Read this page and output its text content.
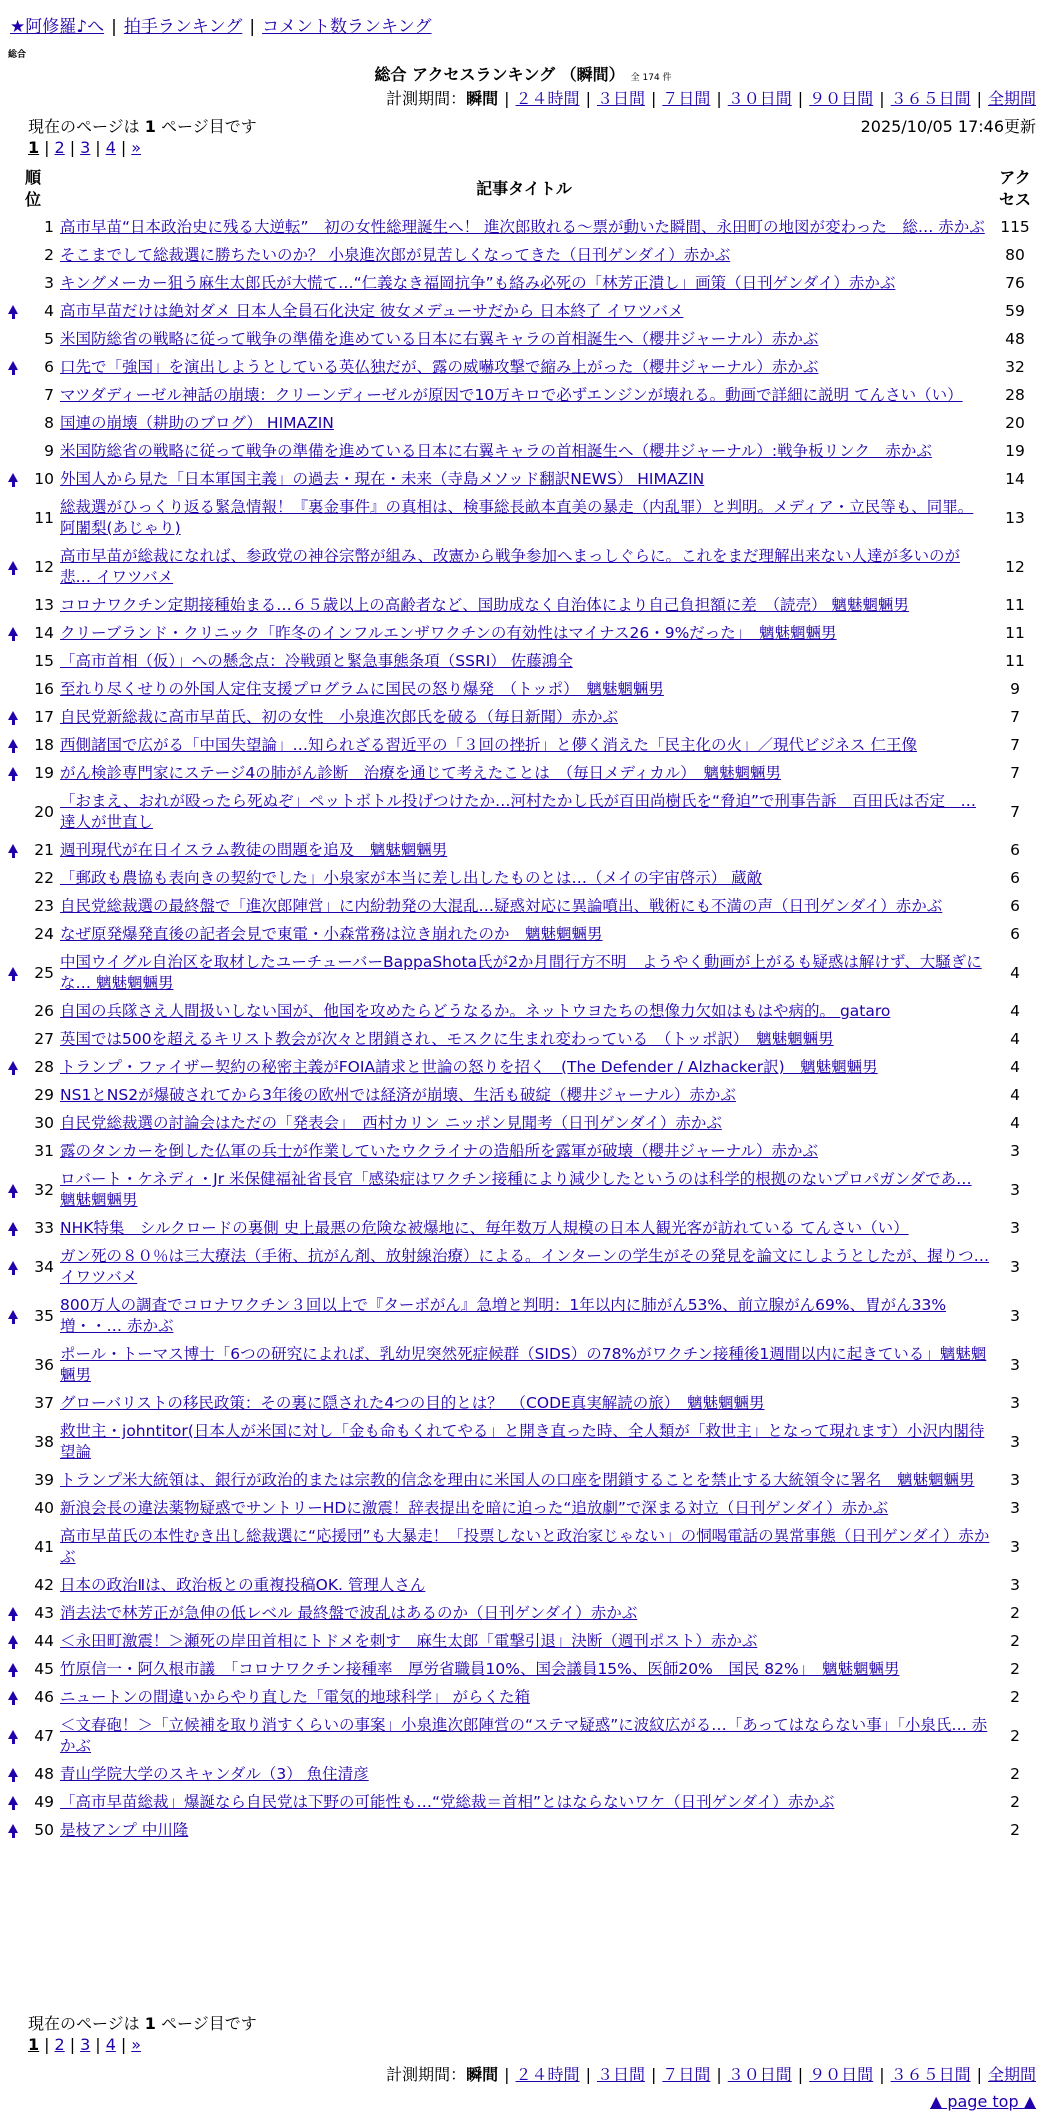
★阿修羅♪へ | 拍手ランキング | コメント数ランキング
総合
総合 アクセスランキング （瞬間） 全 174 件
計測期間：瞬間 | ２４時間 | ３日間 | ７日間 | ３０日間 | ９０日間 | ３６５日間 | 全期間
現在のページは 1 ページ目です	2025/10/05 17:46更新
1 | 2 | 3 | 4 | »
順
位		記事タイトル	アク
セス
	1	高市早苗“日本政治史に残る大逆転”　初の女性総理誕生へ！ 進次郎敗れる～票が動いた瞬間、永田町の地図が変わった　総… 赤かぶ	115
	2	そこまでして総裁選に勝ちたいのか？ 小泉進次郎が見苦しくなってきた（日刊ゲンダイ）赤かぶ	80
	3	キングメーカー狙う麻生太郎氏が大慌て…“仁義なき福岡抗争”も絡み必死の「林芳正潰し」画策（日刊ゲンダイ）赤かぶ	76
	4	高市早苗だけは絶対ダメ 日本人全員石化決定 彼女メデューサだから 日本終了 イワツバメ	59
	5	米国防総省の戦略に従って戦争の準備を進めている日本に右翼キャラの首相誕生へ（櫻井ジャーナル）赤かぶ	48
	6	口先で「強国」を演出しようとしている英仏独だが、露の威嚇攻撃で縮み上がった（櫻井ジャーナル）赤かぶ	32
	7	マツダディーゼル神話の崩壊：クリーンディーゼルが原因で10万キロで必ずエンジンが壊れる。動画で詳細に説明 てんさい（い）	28
	8	国連の崩壊（耕助のブログ） HIMAZIN	20
	9	米国防総省の戦略に従って戦争の準備を進めている日本に右翼キャラの首相誕生へ（櫻井ジャーナル）:戦争板リンク　赤かぶ	19
	10	外国人から見た「日本軍国主義」の過去・現在・未来（寺島メソッド翻訳NEWS） HIMAZIN	14
	11	総裁選がひっくり返る緊急情報！『裏金事件』の真相は、検事総長畝本直美の暴走（内乱罪）と判明。メディア・立民等も、同罪。 阿闍梨(あじゃり)	13
	12	高市早苗が総裁になれば、参政党の神谷宗幣が組み、改憲から戦争参加へまっしぐらに。これをまだ理解出来ない人達が多いのが悲… イワツバメ	12
	13	コロナワクチン定期接種始まる…６５歳以上の高齢者など、国助成なく自治体により自己負担額に差　（読売） 魑魅魍魎男	11
	14	クリーブランド・クリニック「昨冬のインフルエンザワクチンの有効性はマイナス26・9%だった」　魑魅魍魎男	11
	15	「高市首相（仮）」への懸念点：冷戦頭と緊急事態条項（SSRI） 佐藤鴻全	11
	16	至れり尽くせりの外国人定住支援プログラムに国民の怒り爆発　（トッポ）　魑魅魍魎男	9
	17	自民党新総裁に高市早苗氏、初の女性　小泉進次郎氏を破る（毎日新聞）赤かぶ	7
	18	西側諸国で広がる「中国失望論」…知られざる習近平の「３回の挫折」と儚く消えた「民主化の火」／現代ビジネス 仁王像	7
	19	がん検診専門家にステージ4の肺がん診断　治療を通じて考えたことは　（毎日メディカル）　魑魅魍魎男	7
	20	「おまえ、おれが殴ったら死ぬぞ」ペットボトル投げつけたか…河村たかし氏が百田尚樹氏を“脅迫”で刑事告訴　百田氏は否定　… 達人が世直し	7
	21	週刊現代が在日イスラム教徒の問題を追及　魑魅魍魎男	6
	22	「郵政も農協も表向きの契約でした」小泉家が本当に差し出したものとは…（メイの宇宙啓示） 蔵敵	6
	23	自民党総裁選の最終盤で「進次郎陣営」に内紛勃発の大混乱…疑惑対応に異論噴出、戦術にも不満の声（日刊ゲンダイ）赤かぶ	6
	24	なぜ原発爆発直後の記者会見で東電・小森常務は泣き崩れたのか　魑魅魍魎男	6
	25	中国ウイグル自治区を取材したユーチューバーBappaShota氏が2か月間行方不明　ようやく動画が上がるも疑惑は解けず、大騒ぎにな… 魑魅魍魎男	4
	26	自国の兵隊さえ人間扱いしない国が、他国を攻めたらどうなるか。ネットウヨたちの想像力欠如はもはや病的。 gataro	4
	27	英国では500を超えるキリスト教会が次々と閉鎖され、モスクに生まれ変わっている　（トッポ訳）　魑魅魍魎男	4
	28	トランプ・ファイザー契約の秘密主義がFOIA請求と世論の怒りを招く　(The Defender / Alzhacker訳)　魑魅魍魎男	4
	29	NS1とNS2が爆破されてから3年後の欧州では経済が崩壊、生活も破綻（櫻井ジャーナル）赤かぶ	4
	30	自民党総裁選の討論会はただの「発表会」　西村カリン ニッポン見聞考（日刊ゲンダイ）赤かぶ	4
	31	露のタンカーを倒した仏軍の兵士が作業していたウクライナの造船所を露軍が破壊（櫻井ジャーナル）赤かぶ	3
	32	ロバート・ケネディ・Jr 米保健福祉省長官「感染症はワクチン接種により減少したというのは科学的根拠のないプロパガンダであ… 魑魅魍魎男	3
	33	NHK特集　シルクロードの裏側 史上最悪の危険な被爆地に、毎年数万人規模の日本人観光客が訪れている てんさい（い）	3
	34	ガン死の８０％は三大療法（手術、抗がん剤、放射線治療）による。インターンの学生がその発見を論文にしようとしたが、握りつ… イワツバメ	3
	35	800万人の調査でコロナワクチン３回以上で『ターボがん』急増と判明：1年以内に肺がん53%、前立腺がん69%、胃がん33%増・・… 赤かぶ	3
	36	ポール・トーマス博士「6つの研究によれば、乳幼児突然死症候群（SIDS）の78%がワクチン接種後1週間以内に起きている」魑魅魍魎男	3
	37	グローバリストの移民政策：その裏に隠された4つの目的とは？　（CODE真実解読の旅）　魑魅魍魎男	3
	38	救世主・johntitor(日本人が米国に対し「金も命もくれてやる」と開き直った時、全人類が「救世主」となって現れます）小沢内閣待望論	3
	39	トランプ米大統領は、銀行が政治的または宗教的信念を理由に米国人の口座を閉鎖することを禁止する大統領令に署名　魑魅魍魎男	3
	40	新浪会長の違法薬物疑惑でサントリーHDに激震！辞表提出を暗に迫った“追放劇”で深まる対立（日刊ゲンダイ）赤かぶ	3
	41	高市早苗氏の本性むき出し総裁選に“応援団”も大暴走！「投票しないと政治家じゃない」の恫喝電話の異常事態（日刊ゲンダイ）赤かぶ	3
	42	日本の政治Ⅱは、政治板との重複投稿OK. 管理人さん	3
	43	消去法で林芳正が急伸の低レベル 最終盤で波乱はあるのか（日刊ゲンダイ）赤かぶ	2
	44	＜永田町激震！＞瀬死の岸田首相にトドメを刺す　麻生太郎「電撃引退」決断（週刊ポスト）赤かぶ	2
	45	竹原信一・阿久根市議　「コロナワクチン接種率　厚労省職員10%、国会議員15%、医師20%　国民 82%」　魑魅魍魎男	2
	46	ニュートンの間違いからやり直した「電気的地球科学」 がらくた箱	2
	47	＜文春砲！＞「立候補を取り消すくらいの事案」小泉進次郎陣営の“ステマ疑惑”に波紋広がる…「あってはならない事」「小泉氏… 赤かぶ	2
	48	青山学院大学のスキャンダル（3） 魚住清彦	2
	49	「高市早苗総裁」爆誕なら自民党は下野の可能性も…“党総裁＝首相”とはならないワケ（日刊ゲンダイ）赤かぶ	2
	50	是枝アンプ 中川隆	2
現在のページは 1 ページ目です
1 | 2 | 3 | 4 | »
計測期間：瞬間 | ２４時間 | ３日間 | ７日間 | ３０日間 | ９０日間 | ３６５日間 | 全期間
▲ page top ▲
